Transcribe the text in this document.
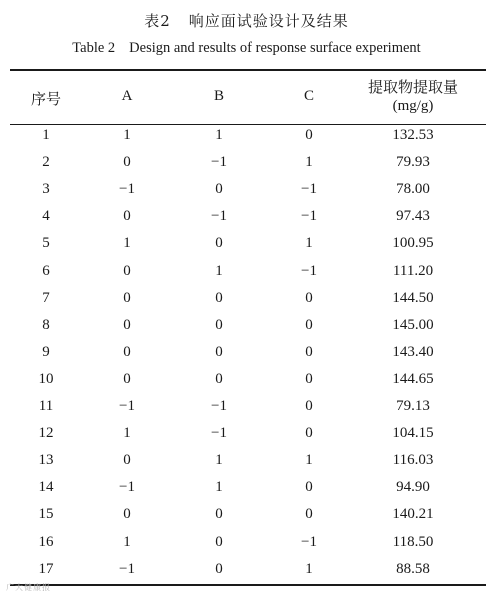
表2 响应面试验设计及结果
Table 2 Design and results of response surface experiment
序号	A	B	C	提取物提取量
(mg/g)
1	1	1	0	132.53
2	0	−1	1	79.93
3	−1	0	−1	78.00
4	0	−1	−1	97.43
5	1	0	1	100.95
6	0	1	−1	111.20
7	0	0	0	144.50
8	0	0	0	145.00
9	0	0	0	143.40
10	0	0	0	144.65
11	−1	−1	0	79.13
12	1	−1	0	104.15
13	0	1	1	116.03
14	−1	1	0	94.90
15	0	0	0	140.21
16	1	0	−1	118.50
17	−1	0	1	88.58
广大健康报
